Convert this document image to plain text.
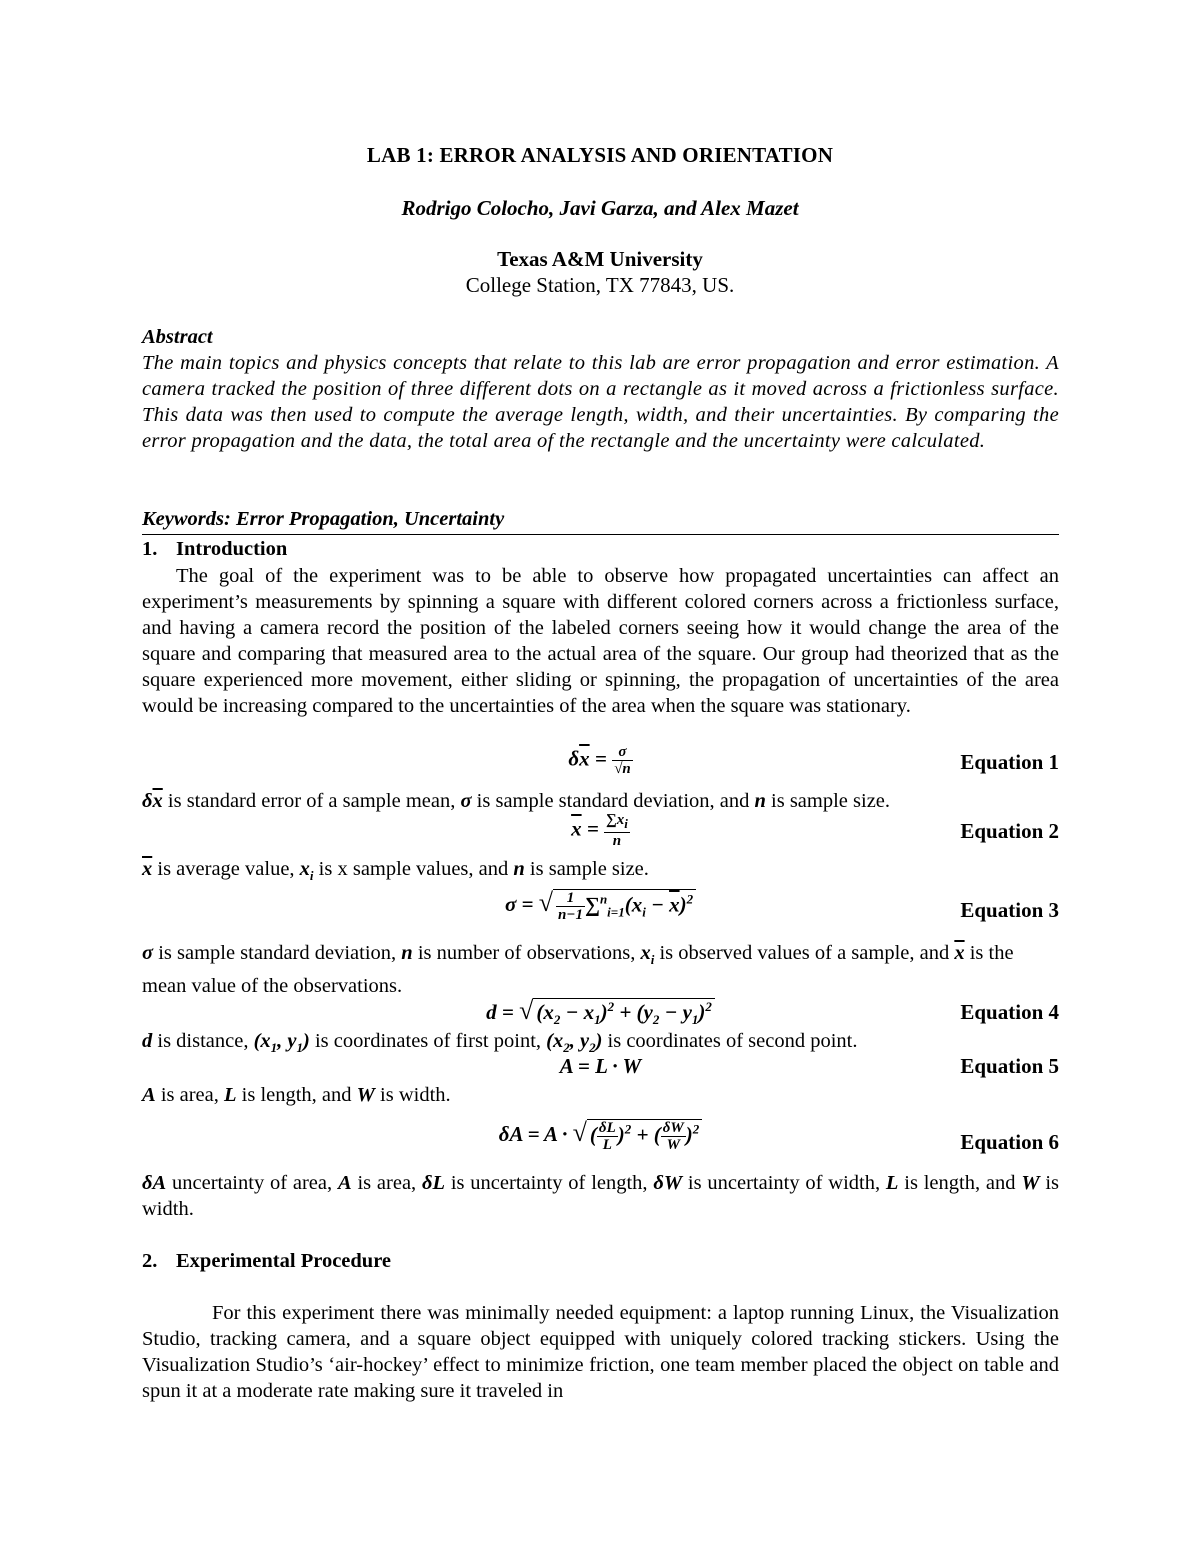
LAB 1: ERROR ANALYSIS AND ORIENTATION
Rodrigo Colocho, Javi Garza, and Alex Mazet
Texas A&M University
College Station, TX 77843, US.
Abstract
The main topics and physics concepts that relate to this lab are error propagation and error estimation. A camera tracked the position of three different dots on a rectangle as it moved across a frictionless surface. This data was then used to compute the average length, width, and their uncertainties. By comparing the error propagation and the data, the total area of the rectangle and the uncertainty were calculated.
Keywords: Error Propagation, Uncertainty
1. Introduction
The goal of the experiment was to be able to observe how propagated uncertainties can affect an experiment’s measurements by spinning a square with different colored corners across a frictionless surface, and having a camera record the position of the labeled corners seeing how it would change the area of the square and comparing that measured area to the actual area of the square. Our group had theorized that as the square experienced more movement, either sliding or spinning, the propagation of uncertainties of the area would be increasing compared to the uncertainties of the area when the square was stationary.
$\delta\overline{x} = \frac{\sigma}{√n}$	Equation 1
$\delta\overline{x}$ is standard error of a sample mean, σ is sample standard deviation, and n is sample size.
$\overline{x} = \frac{\sum x_i}{n}$	Equation 2
$\overline{x}$ is average value, $x_i$ is x sample values, and n is sample size.
σ = √ $\frac{1}{n-1} \sum^n_{i=1}(x_i - \overline{x})^2$	Equation 3
σ is sample standard deviation, n is number of observations, $x_i$ is observed values of a sample, and $\overline{x}$ is the mean value of the observations.
d = √ $(x_2 - x_1)^2 + (y_2 - y_1)^2$	Equation 4
d is distance, ($x_1$, $y_1$) is coordinates of first point, ($x_2$, $y_2$) is coordinates of second point.
A = L · W	Equation 5
A is area, L is length, and W is width.
δA = A · √ ( $\frac{\delta L}{L} )^2$ + ( $\frac{\delta W}{W} )^2$
Equation 6
δA uncertainty of area, A is area, δL is uncertainty of length, δW is uncertainty of width, L is length, and W is width.
2. Experimental Procedure
For this experiment there was minimally needed equipment: a laptop running Linux, the Visualization Studio, tracking camera, and a square object equipped with uniquely colored tracking stickers. Using the Visualization Studio’s ‘air-hockey’ effect to minimize friction, one team member placed the object on table and spun it at a moderate rate making sure it traveled in
